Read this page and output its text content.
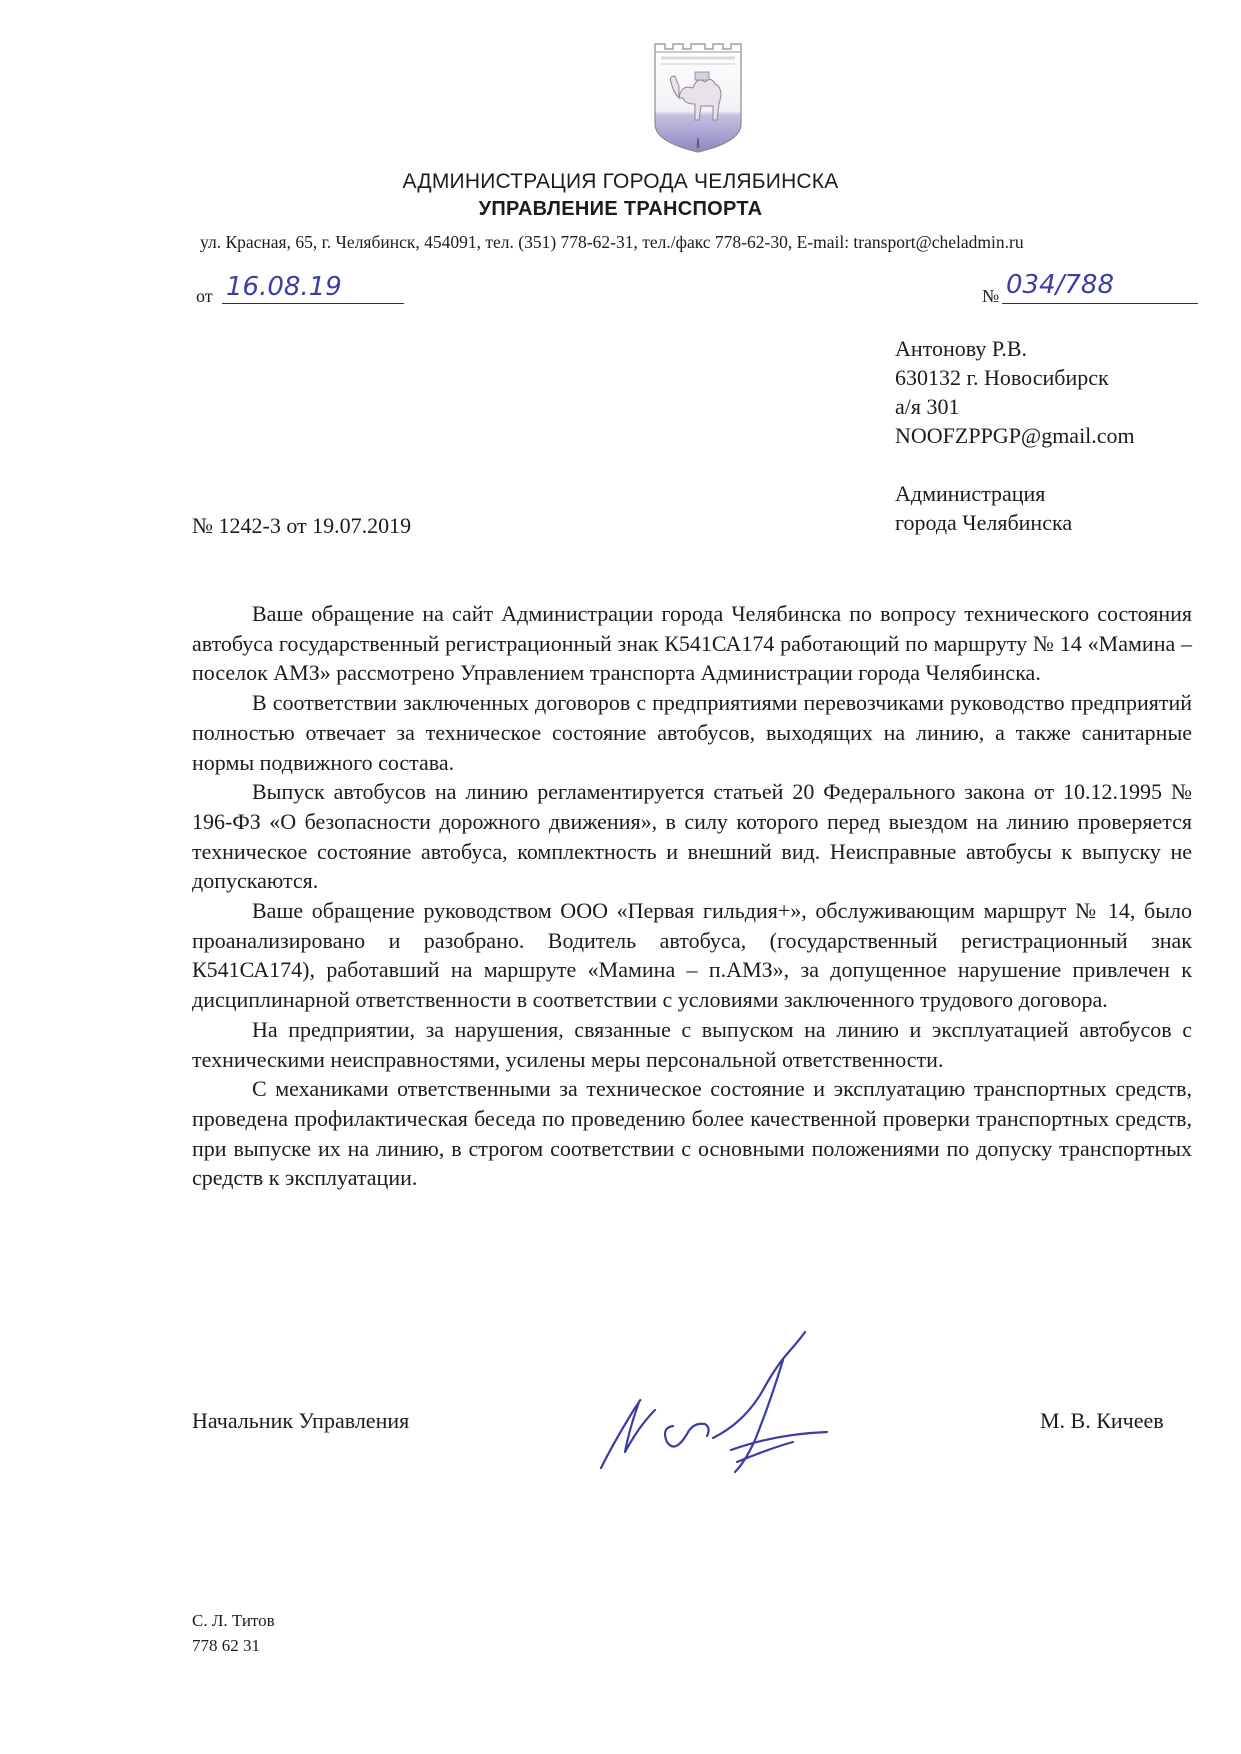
АДМИНИСТРАЦИЯ ГОРОДА ЧЕЛЯБИНСКА
УПРАВЛЕНИЕ ТРАНСПОРТА
ул. Красная, 65, г. Челябинск, 454091, тел. (351) 778-62-31, тел./факс 778-62-30, E-mail: transport@cheladmin.ru
от 16.08.19	№ 034/788
Антонову Р.В.
630132 г. Новосибирск
а/я 301
NOOFZPPGP@gmail.com
Администрация
города Челябинска
№ 1242-3 от 19.07.2019

Ваше обращение на сайт Администрации города Челябинска по вопросу технического состояния автобуса государственный регистрационный знак К541СА174 работающий по маршруту № 14 «Мамина – поселок АМЗ» рассмотрено Управлением транспорта Администрации города Челябинска.

В соответствии заключенных договоров с предприятиями перевозчиками руководство предприятий полностью отвечает за техническое состояние автобусов, выходящих на линию, а также санитарные нормы подвижного состава.

Выпуск автобусов на линию регламентируется статьей 20 Федерального закона от 10.12.1995 № 196-ФЗ «О безопасности дорожного движения», в силу которого перед выездом на линию проверяется техническое состояние автобуса, комплектность и внешний вид. Неисправные автобусы к выпуску не допускаются.

Ваше обращение руководством ООО «Первая гильдия+», обслуживающим маршрут № 14, было проанализировано и разобрано. Водитель автобуса, (государственный регистрационный знак К541СА174), работавший на маршруте «Мамина – п.АМЗ», за допущенное нарушение привлечен к дисциплинарной ответственности в соответствии с условиями заключенного трудового договора.

На предприятии, за нарушения, связанные с выпуском на линию и эксплуатацией автобусов с техническими неисправностями, усилены меры персональной ответственности.

С механиками ответственными за техническое состояние и эксплуатацию транспортных средств, проведена профилактическая беседа по проведению более качественной проверки транспортных средств, при выпуске их на линию, в строгом соответствии с основными положениями по допуску транспортных средств к эксплуатации.

Начальник Управления	М. В. Кичеев
С. Л. Титов
778 62 31
